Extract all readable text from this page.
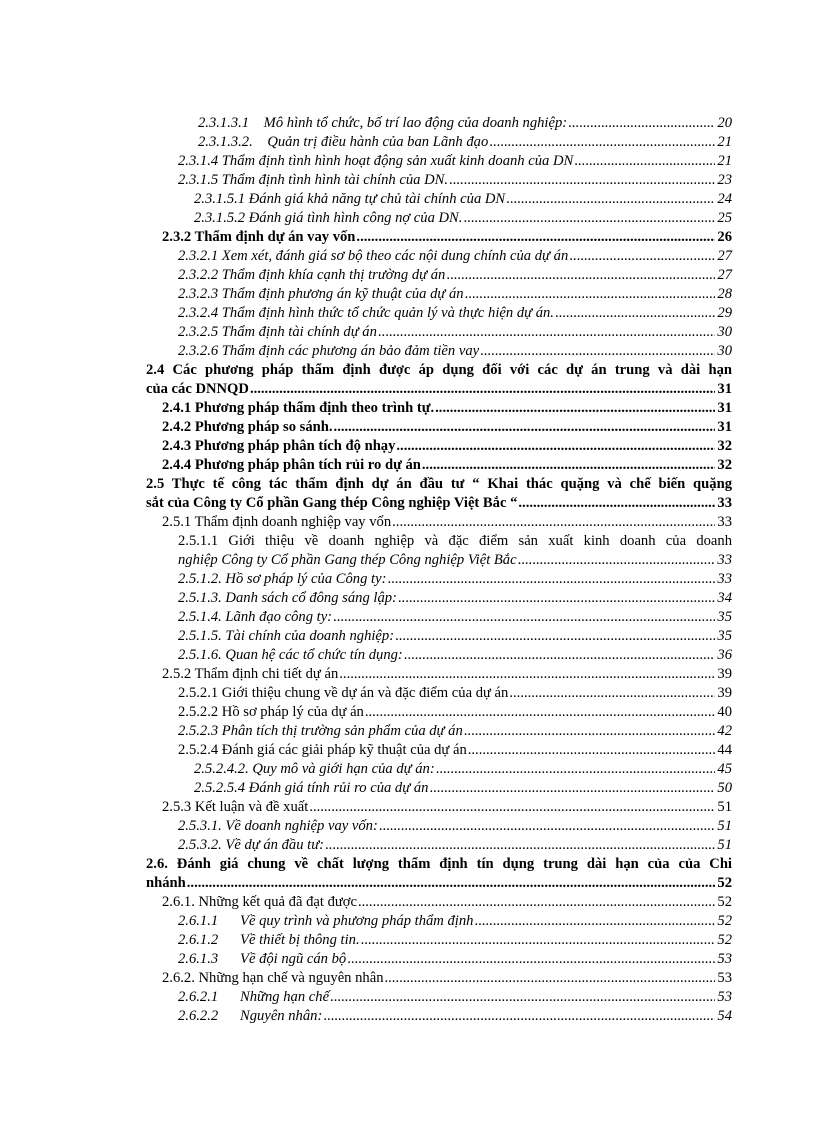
2.3.1.3.1    Mô hình tổ chức, bố trí lao động của doanh nghiệp: .....	20
2.3.1.3.2.    Quản trị điều hành của ban Lãnh đạo .....	21
2.3.1.4 Thẩm định tình hình hoạt động sản xuất kinh doanh của DN .....	21
2.3.1.5 Thẩm định tình hình tài chính của DN. .....	23
2.3.1.5.1 Đánh giá khả năng tự chủ tài chính của DN .....	24
2.3.1.5.2 Đánh giá tình hình công nợ của DN. .....	25
2.3.2 Thẩm định dự án vay vốn .....	26
2.3.2.1 Xem xét, đánh giá sơ bộ theo các nội dung chính của dự án .....	27
2.3.2.2 Thẩm định khía cạnh thị trường dự án .....	27
2.3.2.3 Thẩm định phương án kỹ thuật của dự án .....	28
2.3.2.4 Thẩm định hình thức tổ chức quản lý và thực hiện dự án. .....	29
2.3.2.5 Thẩm định tài chính dự án .....	30
2.3.2.6 Thẩm định các phương án bảo đảm tiền vay .....	30
2.4 Các phương pháp thẩm định được áp dụng đối với các dự án trung và dài hạn
của các DNNQD .....	31
2.4.1 Phương pháp thẩm định theo trình tự. .....	31
2.4.2 Phương pháp so sánh. .....	31
2.4.3 Phương pháp phân tích độ nhạy .....	32
2.4.4 Phương pháp phân tích rủi ro dự án .....	32
2.5 Thực tế công tác thẩm định dự án đầu tư “ Khai thác quặng và chế biến quặng
sắt của Công ty Cổ phần Gang thép Công nghiệp Việt Bắc “ .....	33
2.5.1 Thẩm định doanh nghiệp vay vốn .....	33
2.5.1.1 Giới thiệu về doanh nghiệp và đặc điểm sản xuất kinh doanh của doanh
nghiệp Công ty Cổ phần Gang thép Công nghiệp Việt Bắc .....	33
2.5.1.2. Hồ sơ pháp lý của Công ty: .....	33
2.5.1.3. Danh sách cổ đông sáng lập: .....	34
2.5.1.4. Lãnh đạo công ty: .....	35
2.5.1.5. Tài chính của doanh nghiệp: .....	35
2.5.1.6. Quan hệ các tổ chức tín dụng: .....	36
2.5.2 Thẩm định chi tiết dự án .....	39
2.5.2.1 Giới thiệu chung về dự án và đặc điểm của dự án .....	39
2.5.2.2 Hồ sơ pháp lý của dự án .....	40
2.5.2.3 Phân tích thị trường sản phẩm của dự án .....	42
2.5.2.4 Đánh giá các giải pháp kỹ thuật của dự án .....	44
2.5.2.4.2. Quy mô và giới hạn của dự án: .....	45
2.5.2.5.4 Đánh giá tính rủi ro của dự án .....	50
2.5.3 Kết luận và đề xuất .....	51
2.5.3.1. Về doanh nghiệp vay vốn: .....	51
2.5.3.2. Về dự án đầu tư: .....	51
2.6. Đánh giá chung về chất lượng thẩm định tín dụng trung dài hạn của của Chi
nhánh .....	52
2.6.1. Những kết quả đã đạt được .....	52
2.6.1.1      Về quy trình và phương pháp thẩm định .....	52
2.6.1.2      Về thiết bị thông tin. .....	52
2.6.1.3      Về đội ngũ cán bộ .....	53
2.6.2. Những hạn chế và nguyên nhân .....	53
2.6.2.1      Những hạn chế .....	53
2.6.2.2      Nguyên nhân: .....	54
